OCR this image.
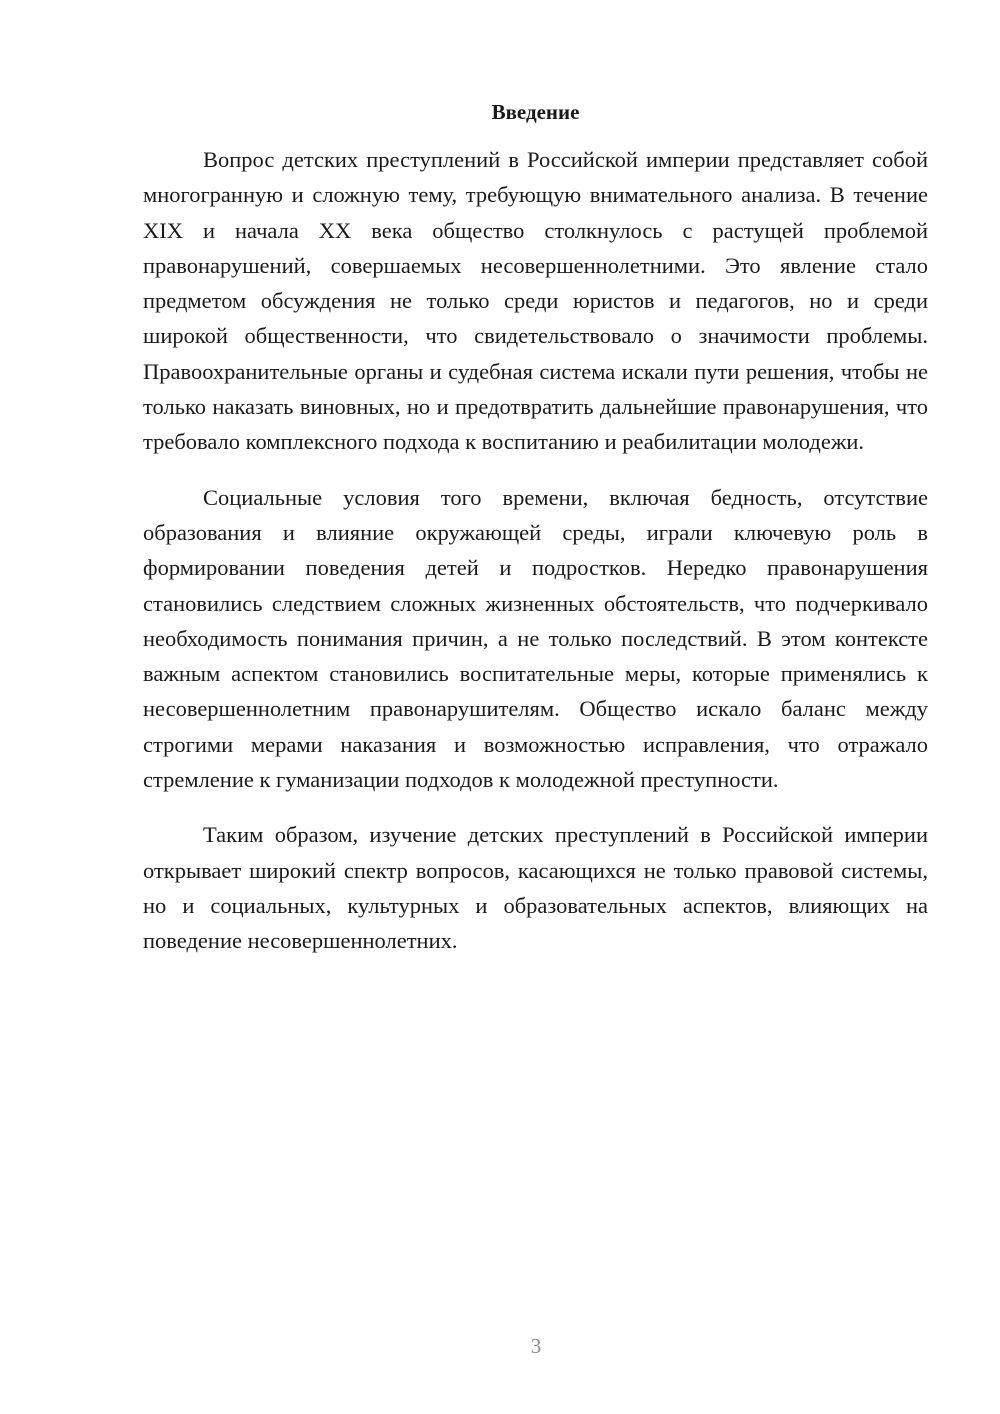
Введение

Вопрос детских преступлений в Российской империи представляет собой многогранную и сложную тему, требующую внимательного анализа. В течение XIX и начала XX века общество столкнулось с растущей проблемой правонарушений, совершаемых несовершеннолетними. Это явление стало предметом обсуждения не только среди юристов и педагогов, но и среди широкой общественности, что свидетельствовало о значимости проблемы. Правоохранительные органы и судебная система искали пути решения, чтобы не только наказать виновных, но и предотвратить дальнейшие правонарушения, что требовало комплексного подхода к воспитанию и реабилитации молодежи.

Социальные условия того времени, включая бедность, отсутствие образования и влияние окружающей среды, играли ключевую роль в формировании поведения детей и подростков. Нередко правонарушения становились следствием сложных жизненных обстоятельств, что подчеркивало необходимость понимания причин, а не только последствий. В этом контексте важным аспектом становились воспитательные меры, которые применялись к несовершеннолетним правонарушителям. Общество искало баланс между строгими мерами наказания и возможностью исправления, что отражало стремление к гуманизации подходов к молодежной преступности.

Таким образом, изучение детских преступлений в Российской империи открывает широкий спектр вопросов, касающихся не только правовой системы, но и социальных, культурных и образовательных аспектов, влияющих на поведение несовершеннолетних.

3
